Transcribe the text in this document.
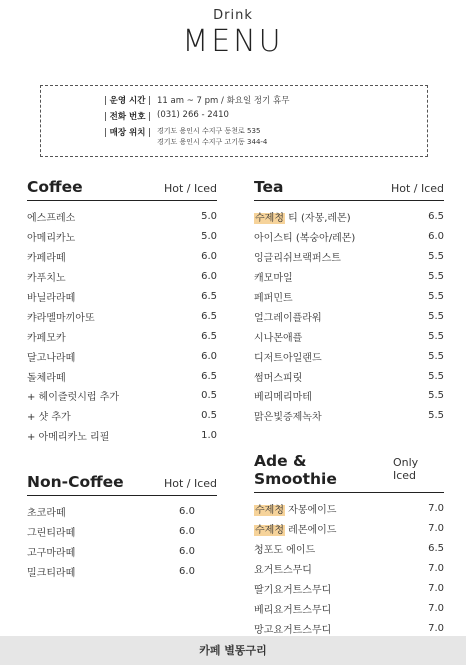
Drink
MENU
| 운영 시간 |	11 am ~ 7 pm / 화요일 정기 휴무
| 전화 번호 |	(031) 266 - 2410
| 매장 위치 |	경기도 용인시 수지구 동천로 535
경기도 용인시 수지구 고기동 344-4
Coffee	Hot / Iced
에스프레소	5.0
아메리카노	5.0
카페라떼	6.0
카푸치노	6.0
바닐라라떼	6.5
캬라멜마끼아또	6.5
카페모카	6.5
달고나라떼	6.0
돌체라떼	6.5
+ 헤이즐럿시럽 추가	0.5
+ 샷 추가	0.5
+ 아메리카노 리필	1.0
Non-Coffee	Hot / Iced
초코라떼	6.0
그린티라떼	6.0
고구마라떼	6.0
밀크티라떼	6.0
Tea	Hot / Iced
수제청 티 (자몽,레몬)	6.5
아이스티 (복숭아/레몬)	6.0
잉글리쉬브랙퍼스트	5.5
캐모마일	5.5
페퍼민트	5.5
얼그레이플라워	5.5
시나몬애플	5.5
디저트아일랜드	5.5
썸머스피릿	5.5
베리메리마테	5.5
맑은빛증제녹차	5.5
Ade & Smoothie
Only Iced
수제청 자몽에이드	7.0
수제청 레몬에이드	7.0
청포도 에이드	6.5
요거트스무디	7.0
딸기요거트스무디	7.0
베리요거트스무디	7.0
망고요거트스무디	7.0
카페 별똥구리
